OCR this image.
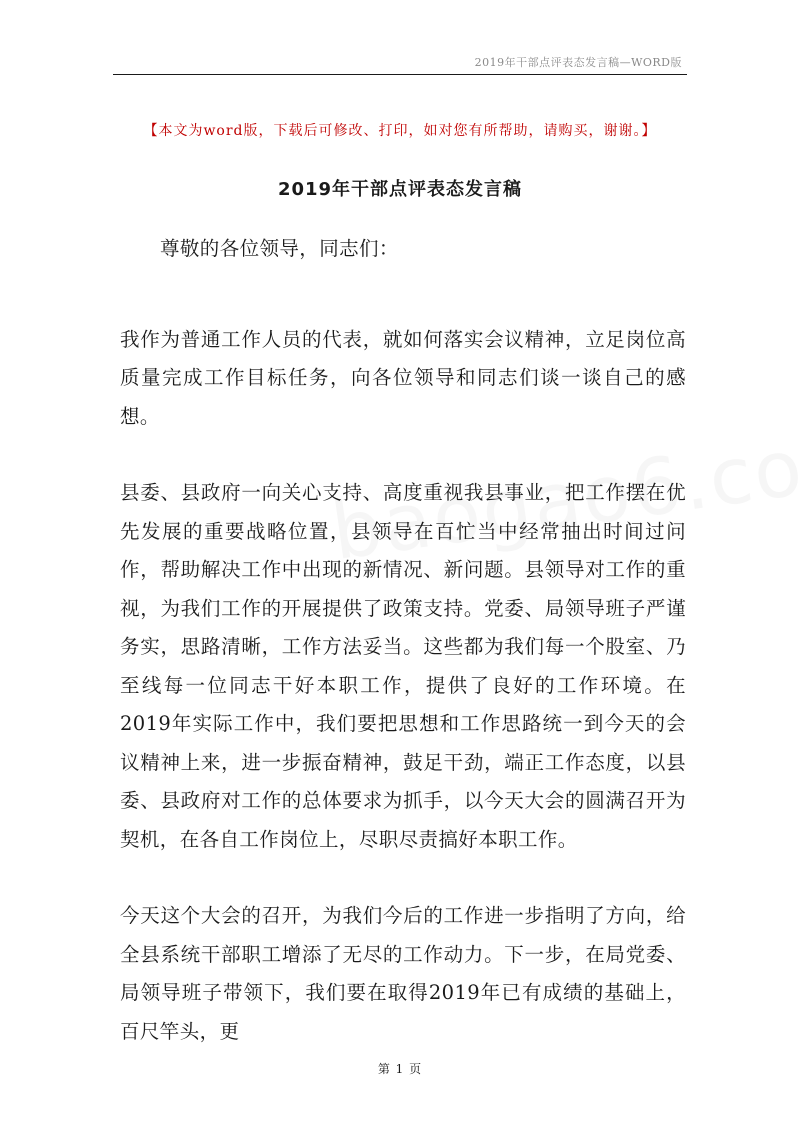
2019年干部点评表态发言稿—WORD版
【本文为word版，下载后可修改、打印，如对您有所帮助，请购买，谢谢。】
2019年干部点评表态发言稿

尊敬的各位领导，同志们：

我作为普通工作人员的代表，就如何落实会议精神，立足岗位高质量完成工作目标任务，向各位领导和同志们谈一谈自己的感想。

县委、县政府一向关心支持、高度重视我县事业，把工作摆在优先发展的重要战略位置，县领导在百忙当中经常抽出时间过问作，帮助解决工作中出现的新情况、新问题。县领导对工作的重视，为我们工作的开展提供了政策支持。党委、局领导班子严谨务实，思路清晰，工作方法妥当。这些都为我们每一个股室、乃至线每一位同志干好本职工作，提供了良好的工作环境。在2019年实际工作中，我们要把思想和工作思路统一到今天的会议精神上来，进一步振奋精神，鼓足干劲，端正工作态度，以县委、县政府对工作的总体要求为抓手，以今天大会的圆满召开为契机，在各自工作岗位上，尽职尽责搞好本职工作。

今天这个大会的召开，为我们今后的工作进一步指明了方向，给全县系统干部职工增添了无尽的工作动力。下一步，在局党委、局领导班子带领下，我们要在取得2019年已有成绩的基础上，百尺竿头，更

第 1 页
